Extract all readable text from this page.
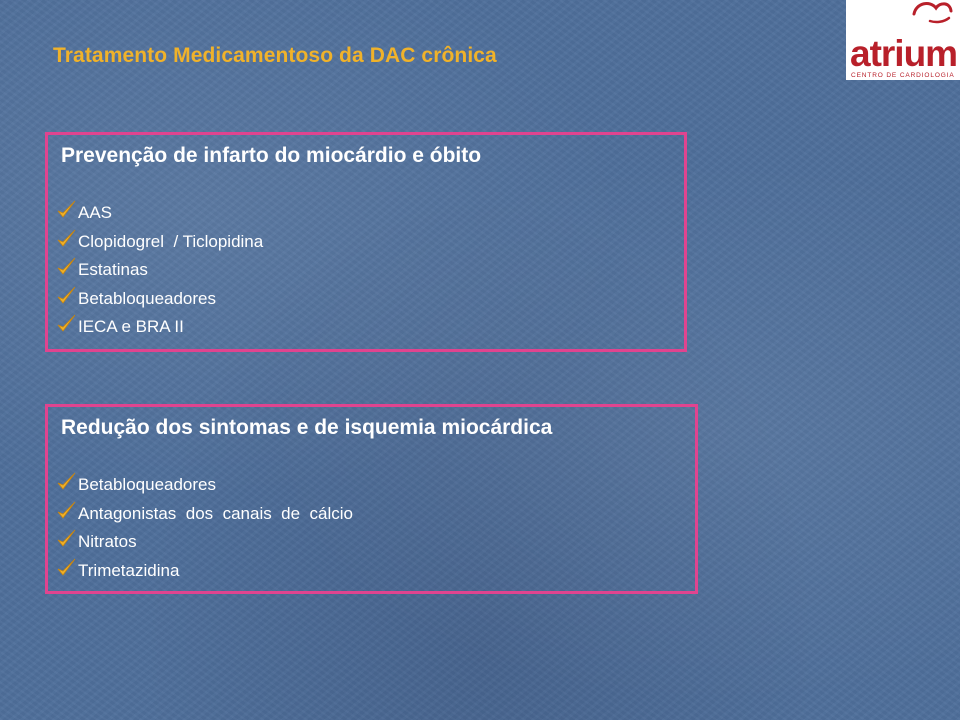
Tratamento Medicamentoso da DAC crônica	atrium
CENTRO DE CARDIOLOGIA
Prevenção de infarto do miocárdio e óbito
AAS
Clopidogrel  / Ticlopidina
Estatinas
Betabloqueadores
IECA e BRA II
Redução dos sintomas e de isquemia miocárdica
Betabloqueadores
Antagonistas  dos  canais  de  cálcio
Nitratos
Trimetazidina
